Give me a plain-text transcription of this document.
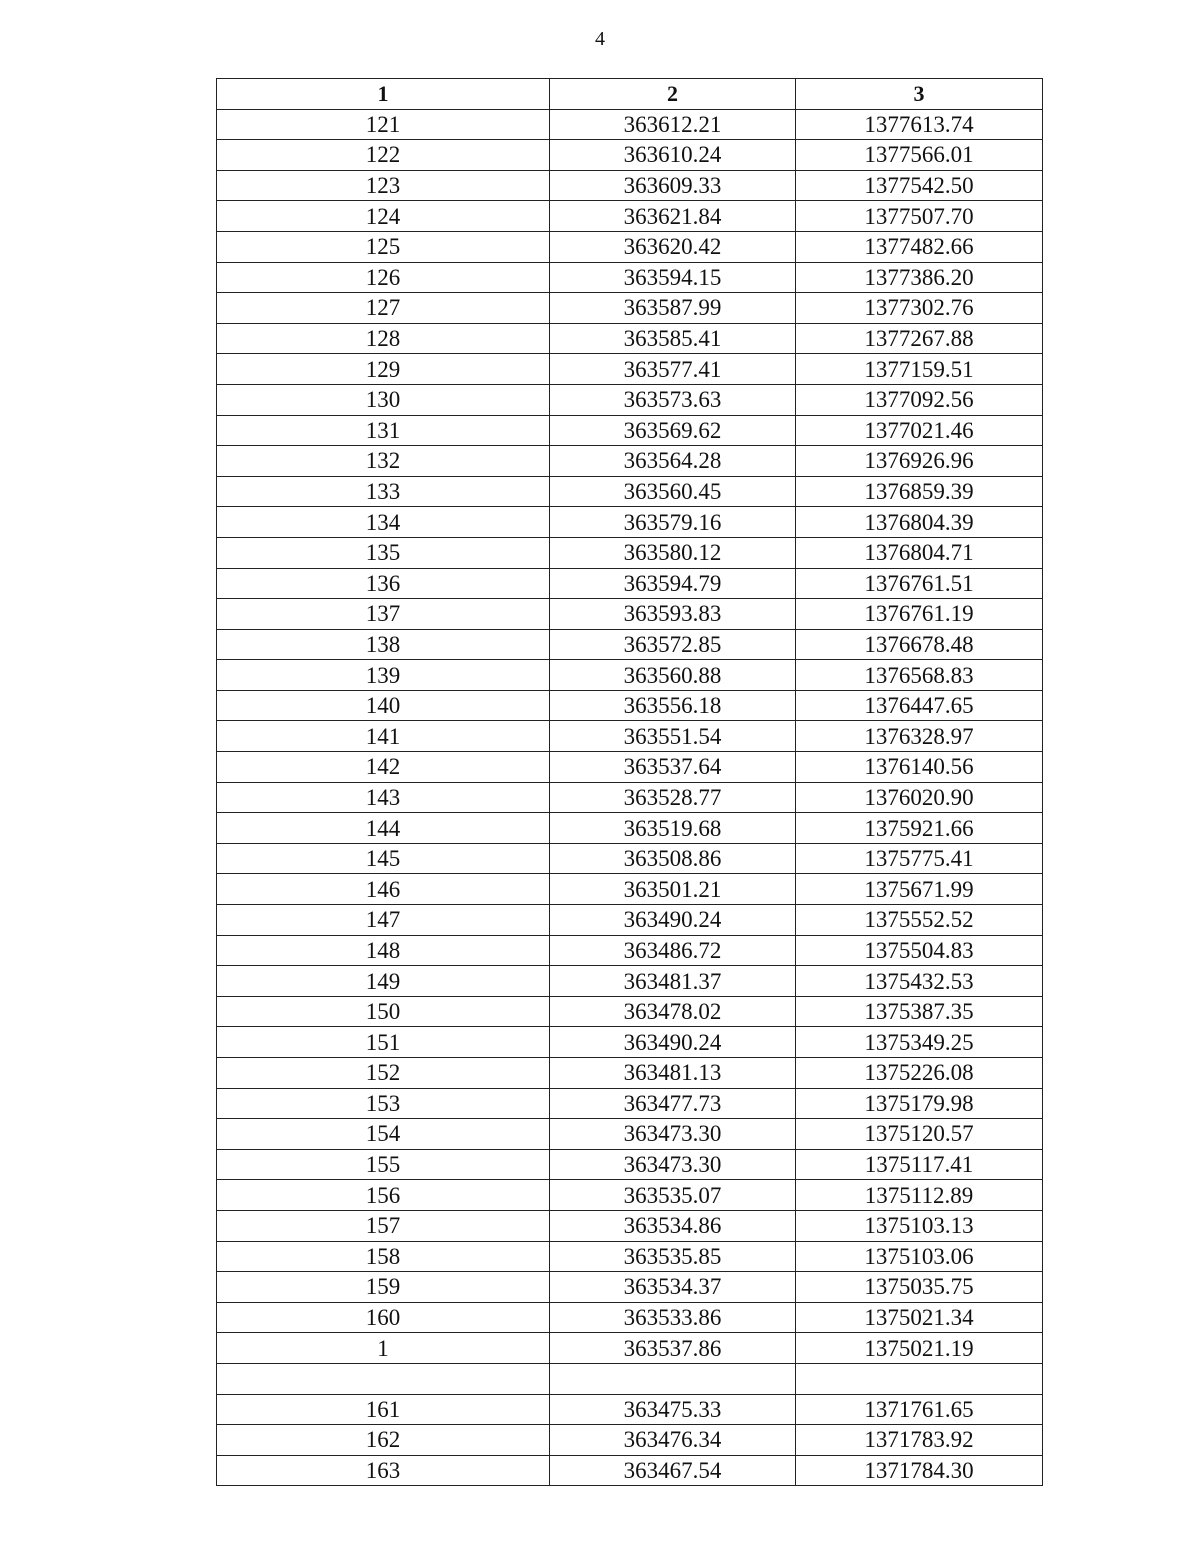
4
1	2	3
121	363612.21	1377613.74
122	363610.24	1377566.01
123	363609.33	1377542.50
124	363621.84	1377507.70
125	363620.42	1377482.66
126	363594.15	1377386.20
127	363587.99	1377302.76
128	363585.41	1377267.88
129	363577.41	1377159.51
130	363573.63	1377092.56
131	363569.62	1377021.46
132	363564.28	1376926.96
133	363560.45	1376859.39
134	363579.16	1376804.39
135	363580.12	1376804.71
136	363594.79	1376761.51
137	363593.83	1376761.19
138	363572.85	1376678.48
139	363560.88	1376568.83
140	363556.18	1376447.65
141	363551.54	1376328.97
142	363537.64	1376140.56
143	363528.77	1376020.90
144	363519.68	1375921.66
145	363508.86	1375775.41
146	363501.21	1375671.99
147	363490.24	1375552.52
148	363486.72	1375504.83
149	363481.37	1375432.53
150	363478.02	1375387.35
151	363490.24	1375349.25
152	363481.13	1375226.08
153	363477.73	1375179.98
154	363473.30	1375120.57
155	363473.30	1375117.41
156	363535.07	1375112.89
157	363534.86	1375103.13
158	363535.85	1375103.06
159	363534.37	1375035.75
160	363533.86	1375021.34
1	363537.86	1375021.19

161	363475.33	1371761.65
162	363476.34	1371783.92
163	363467.54	1371784.30
